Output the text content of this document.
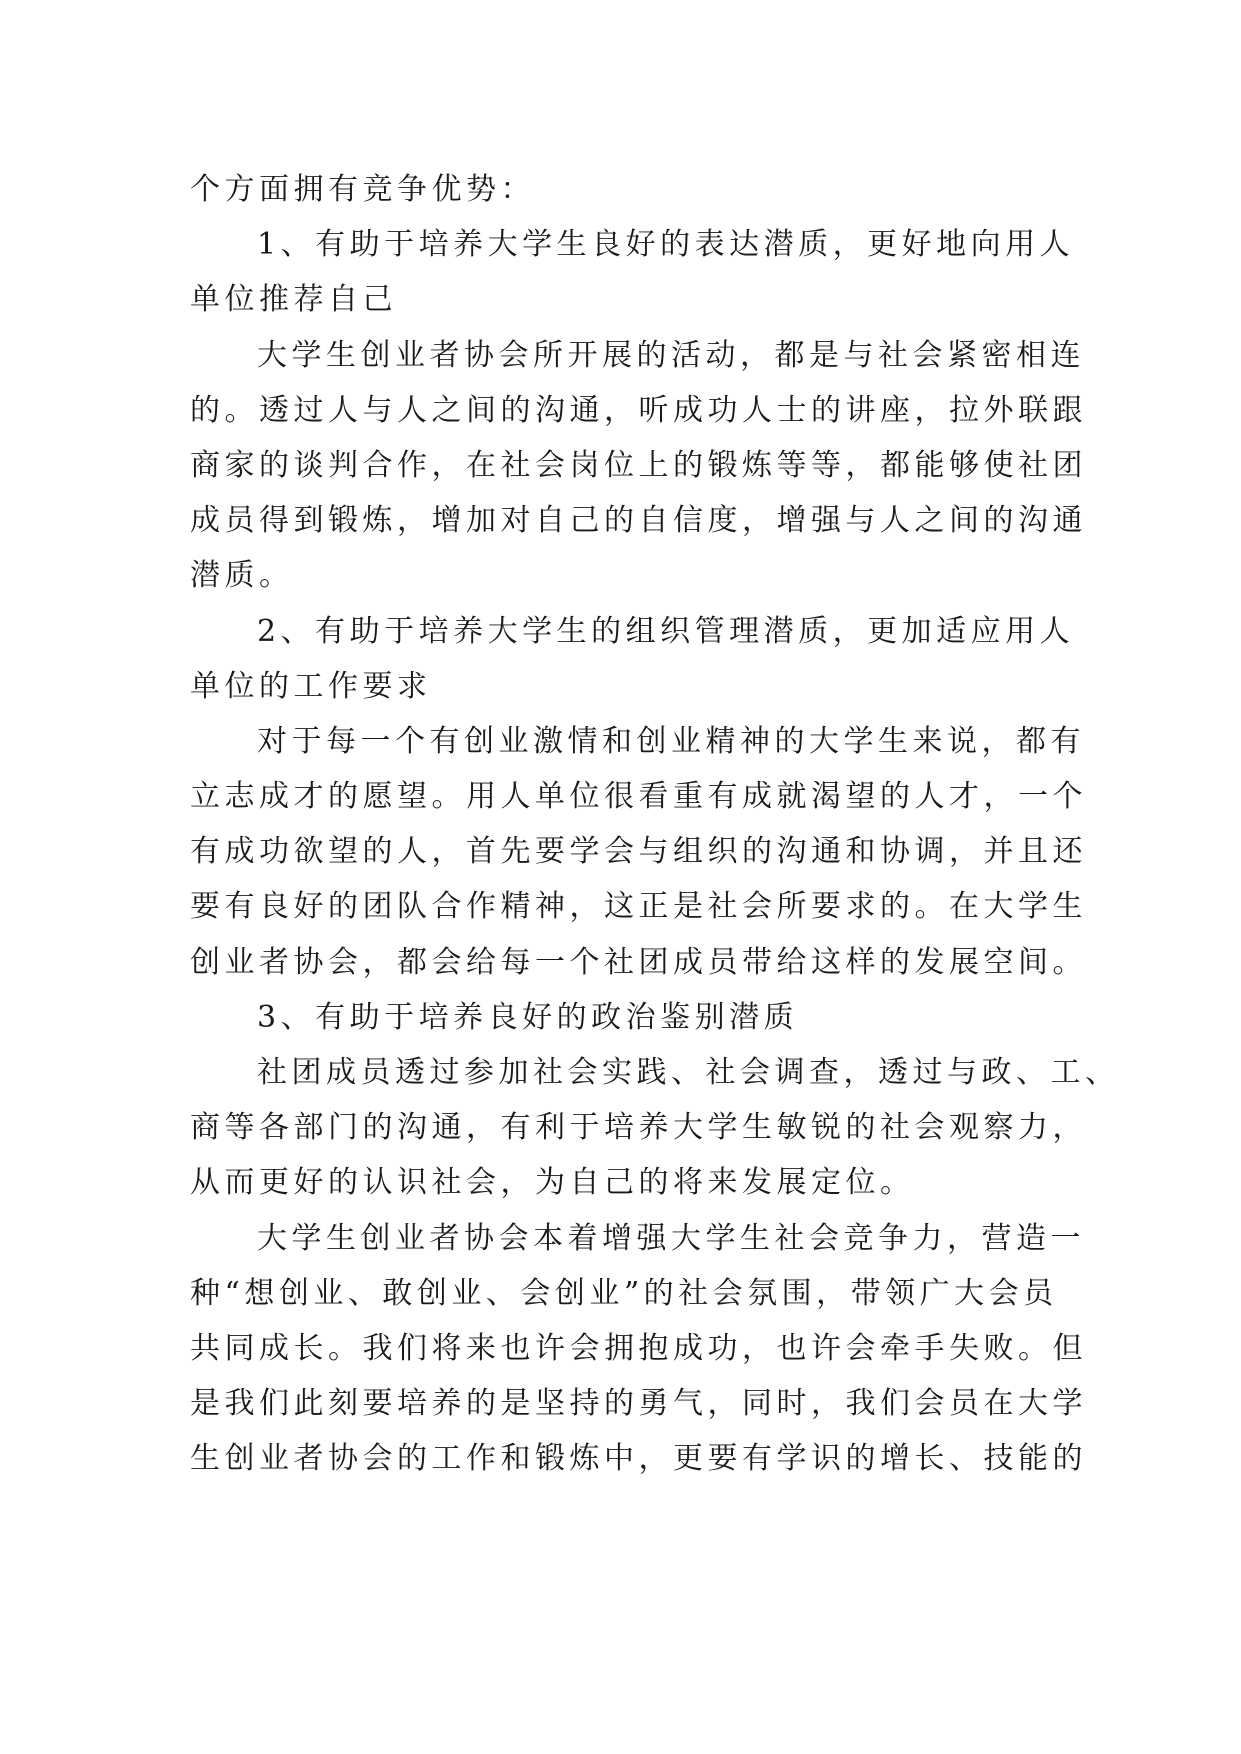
个方面拥有竞争优势：
1、有助于培养大学生良好的表达潜质，更好地向用人
单位推荐自己
大学生创业者协会所开展的活动，都是与社会紧密相连
的。透过人与人之间的沟通，听成功人士的讲座，拉外联跟
商家的谈判合作，在社会岗位上的锻炼等等，都能够使社团
成员得到锻炼，增加对自己的自信度，增强与人之间的沟通
潜质。
2、有助于培养大学生的组织管理潜质，更加适应用人
单位的工作要求
对于每一个有创业激情和创业精神的大学生来说，都有
立志成才的愿望。用人单位很看重有成就渴望的人才，一个
有成功欲望的人，首先要学会与组织的沟通和协调，并且还
要有良好的团队合作精神，这正是社会所要求的。在大学生
创业者协会，都会给每一个社团成员带给这样的发展空间。
3、有助于培养良好的政治鉴别潜质
社团成员透过参加社会实践、社会调查，透过与政、工、
商等各部门的沟通，有利于培养大学生敏锐的社会观察力，
从而更好的认识社会，为自己的将来发展定位。
大学生创业者协会本着增强大学生社会竞争力，营造一
种“想创业、敢创业、会创业”的社会氛围，带领广大会员
共同成长。我们将来也许会拥抱成功，也许会牵手失败。但
是我们此刻要培养的是坚持的勇气，同时，我们会员在大学
生创业者协会的工作和锻炼中，更要有学识的增长、技能的
